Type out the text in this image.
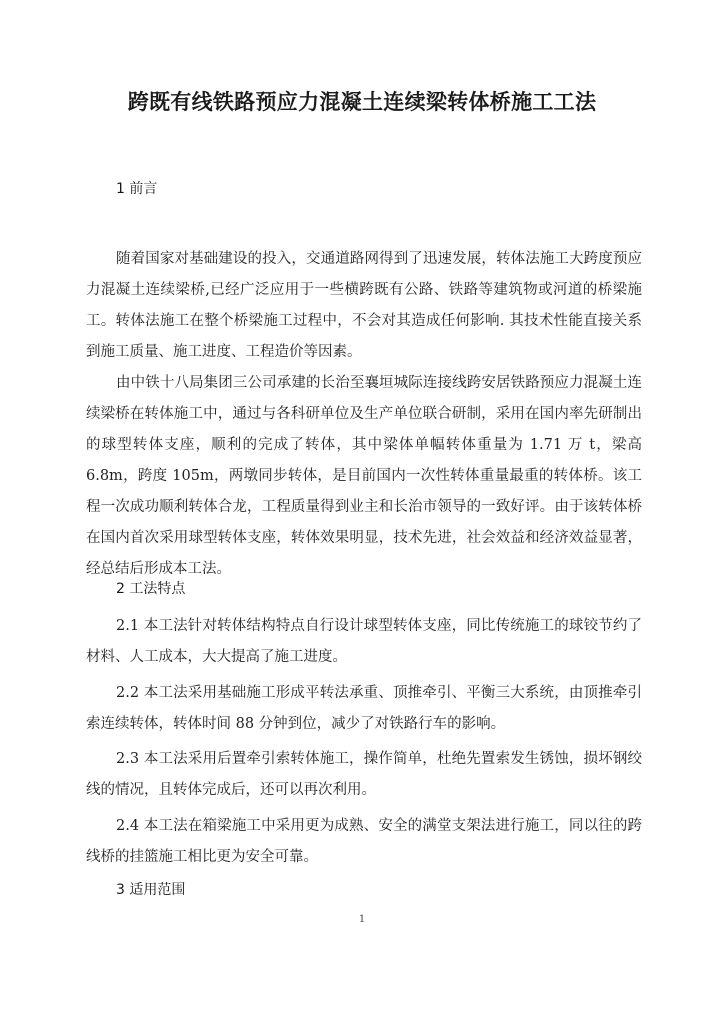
跨既有线铁路预应力混凝土连续梁转体桥施工工法
1 前言

随着国家对基础建设的投入，交通道路网得到了迅速发展，转体法施工大跨度预应力混凝土连续梁桥,已经广泛应用于一些横跨既有公路、铁路等建筑物或河道的桥梁施工。转体法施工在整个桥梁施工过程中，不会对其造成任何影响. 其技术性能直接关系到施工质量、施工进度、工程造价等因素。

由中铁十八局集团三公司承建的长治至襄垣城际连接线跨安居铁路预应力混凝土连续梁桥在转体施工中，通过与各科研单位及生产单位联合研制，采用在国内率先研制出的球型转体支座，顺利的完成了转体，其中梁体单幅转体重量为 1.71 万 t，梁高 6.8m，跨度 105m，两墩同步转体，是目前国内一次性转体重量最重的转体桥。该工程一次成功顺利转体合龙，工程质量得到业主和长治市领导的一致好评。由于该转体桥在国内首次采用球型转体支座，转体效果明显，技术先进，社会效益和经济效益显著，经总结后形成本工法。

2 工法特点

2.1 本工法针对转体结构特点自行设计球型转体支座，同比传统施工的球铰节约了材料、人工成本，大大提高了施工进度。

2.2 本工法采用基础施工形成平转法承重、顶推牵引、平衡三大系统，由顶推牵引索连续转体，转体时间 88 分钟到位，减少了对铁路行车的影响。

2.3 本工法采用后置牵引索转体施工，操作简单，杜绝先置索发生锈蚀，损坏钢绞线的情况，且转体完成后，还可以再次利用。

2.4 本工法在箱梁施工中采用更为成熟、安全的满堂支架法进行施工，同以往的跨线桥的挂篮施工相比更为安全可靠。

3 适用范围
1
